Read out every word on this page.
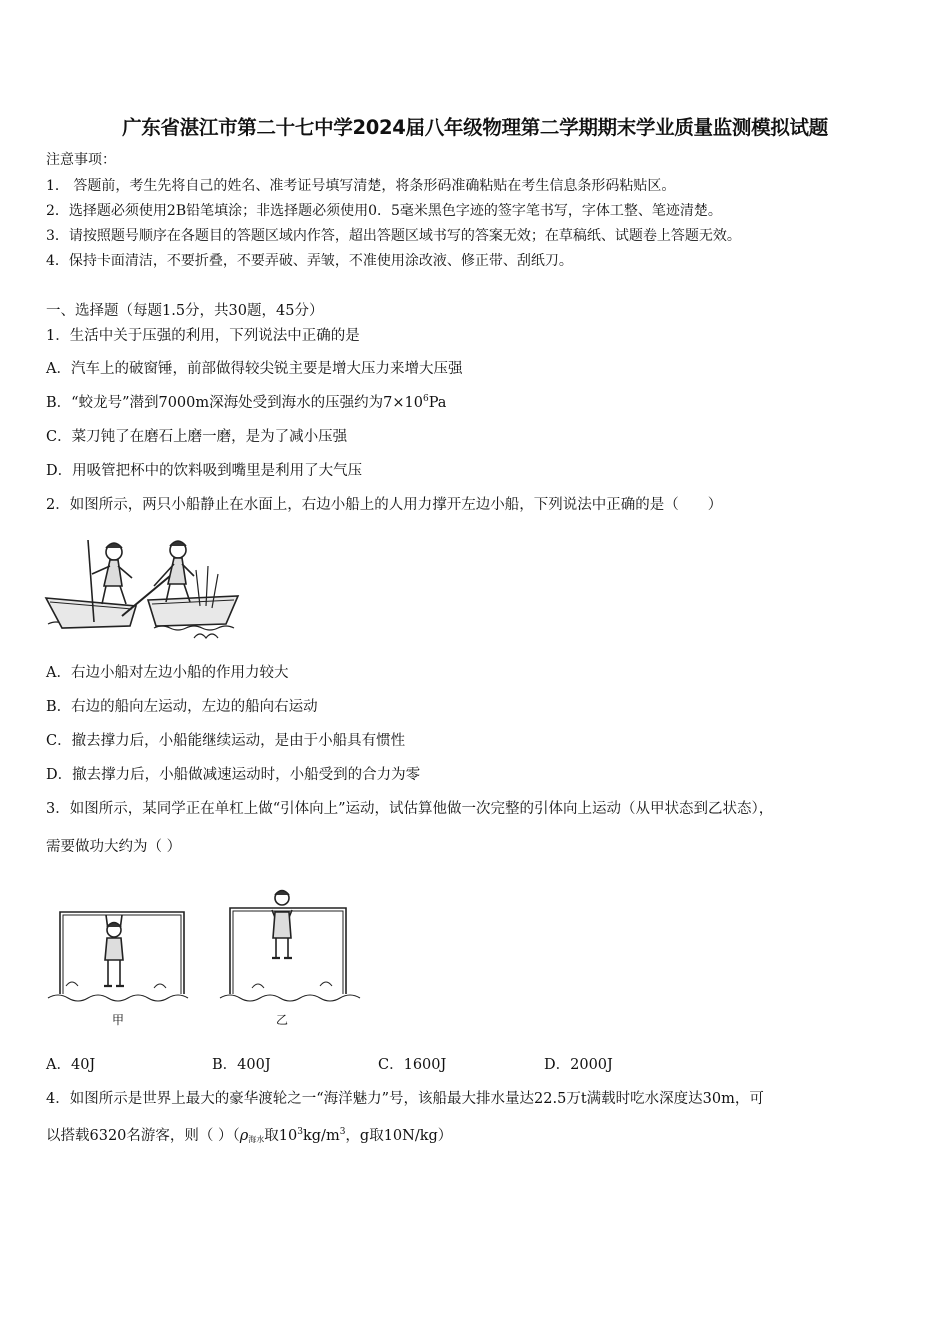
广东省湛江市第二十七中学2024届八年级物理第二学期期末学业质量监测模拟试题
注意事项：
1． 答题前，考生先将自己的姓名、准考证号填写清楚，将条形码准确粘贴在考生信息条形码粘贴区。
2．选择题必须使用2B铅笔填涂；非选择题必须使用0．5毫米黑色字迹的签字笔书写，字体工整、笔迹清楚。
3．请按照题号顺序在各题目的答题区域内作答，超出答题区域书写的答案无效；在草稿纸、试题卷上答题无效。
4．保持卡面清洁，不要折叠，不要弄破、弄皱，不准使用涂改液、修正带、刮纸刀。
一、选择题（每题1.5分，共30题，45分）
1．生活中关于压强的利用，下列说法中正确的是
A．汽车上的破窗锤，前部做得较尖锐主要是增大压力来增大压强
B．“蛟龙号”潜到7000m深海处受到海水的压强约为$7\times 10^6Pa$
C．菜刀钝了在磨石上磨一磨，是为了减小压强
D．用吸管把杯中的饮料吸到嘴里是利用了大气压
2．如图所示，两只小船静止在水面上，右边小船上的人用力撑开左边小船，下列说法中正确的是（　　）
A．右边小船对左边小船的作用力较大
B．右边的船向左运动，左边的船向右运动
C．撤去撑力后，小船能继续运动，是由于小船具有惯性
D．撤去撑力后，小船做减速运动时，小船受到的合力为零
3．如图所示，某同学正在单杠上做“引体向上”运动，试估算他做一次完整的引体向上运动（从甲状态到乙状态），
需要做功大约为（ ）
甲	乙
A．40J	B．400J	C．1600J	D．2000J
4．如图所示是世界上最大的豪华渡轮之一“海洋魅力”号，该船最大排水量达22.5万t满载时吃水深度达30m，可
以搭载6320名游客，则（ ）（$\rho_{海水}$取$10^3kg/m^3$，g取10N/kg）
